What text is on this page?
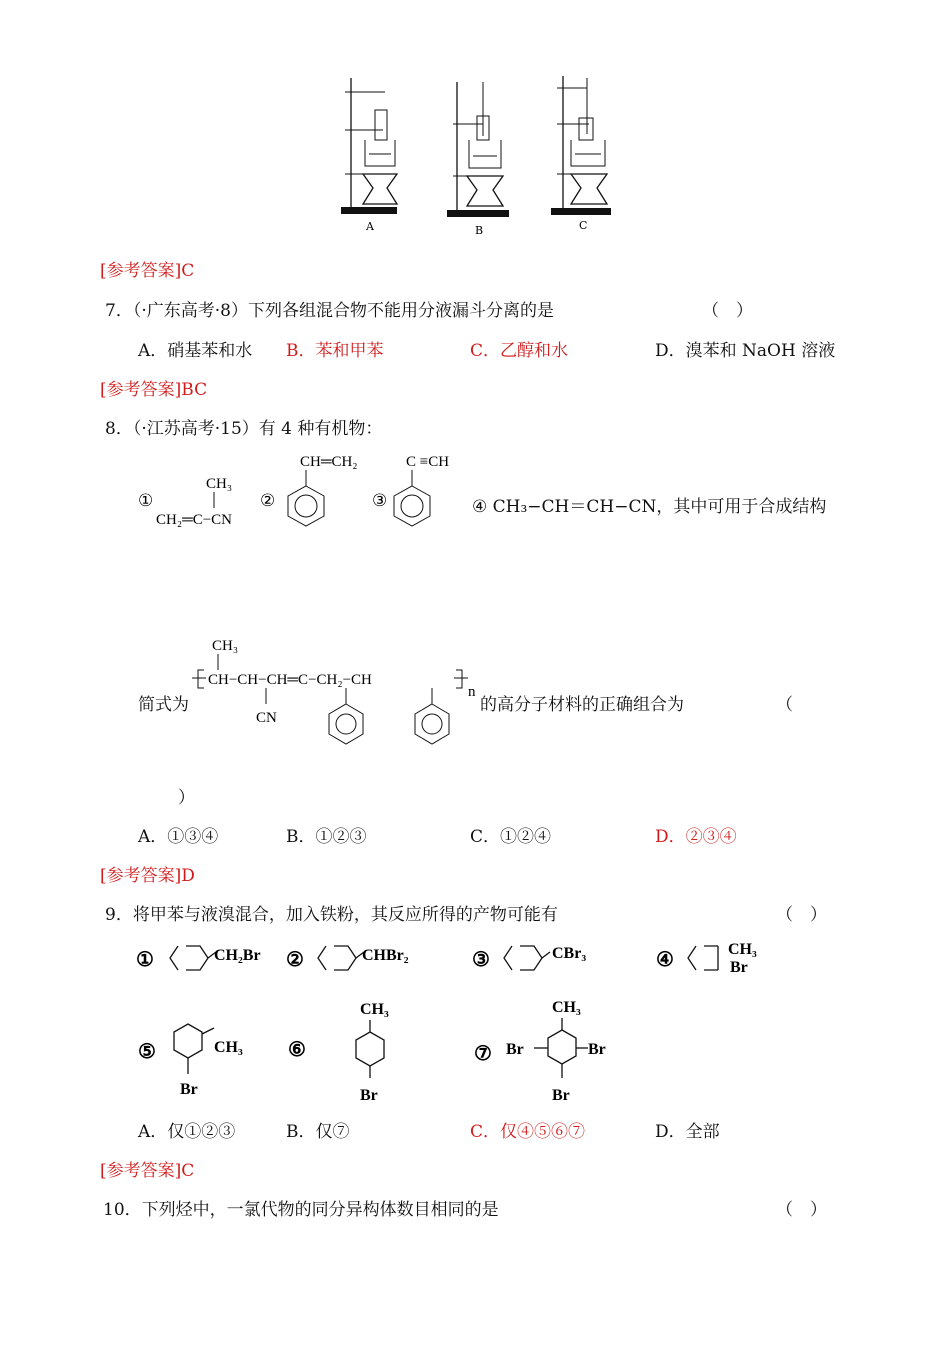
A	B	C
[参考答案]C
7．（·广东高考·8）下列各组混合物不能用分液漏斗分离的是	（　）
A．硝基苯和水 B．苯和甲苯	C．乙醇和水	D．溴苯和 NaOH 溶液
[参考答案]BC
8．（·江苏高考·15）有 4 种有机物：
①
CH₃
CH₂═C−CN
②
CH═CH₂
③
C ≡CH
④ CH₃−CH＝CH−CN，其中可用于合成结构
简式为
CH₃
CH−CH−CH═C−CH₂−CH
CN
n
的高分子材料的正确组合为	（
）
A．①③④	B．①②③	C．①②④	D．②③④
[参考答案]D
9．将甲苯与液溴混合，加入铁粉，其反应所得的产物可能有	（　）
①	CH₂Br ②	CHBr₂	③	CBr₃	④	CH₃
Br
⑤	CH₃
Br
⑥
CH₃
Br
⑦
CH₃
Br	Br
Br
A．仅①②③	B．仅⑦	C．仅④⑤⑥⑦	D．全部
[参考答案]C
10．下列烃中，一氯代物的同分异构体数目相同的是	（　）
